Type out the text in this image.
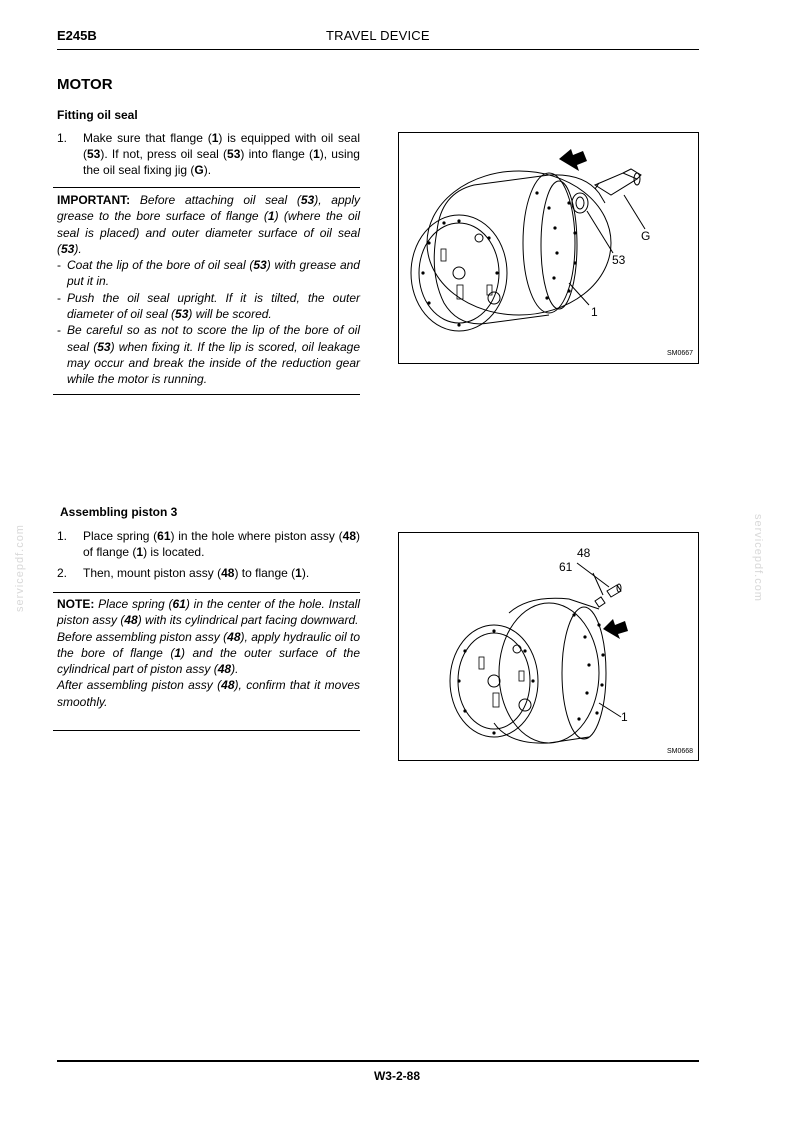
E245B	TRAVEL DEVICE
MOTOR
Fitting oil seal
1. Make sure that flange (1) is equipped with oil seal (53). If not, press oil seal (53) into flange (1), using the oil seal fixing jig (G).

IMPORTANT: Before attaching oil seal (53), apply grease to the bore surface of flange (1) (where the oil seal is placed) and outer diameter surface of oil seal (53).

- Coat the lip of the bore of oil seal (53) with grease and put it in.

- Push the oil seal upright. If it is tilted, the outer diameter of oil seal (53) will be scored.

- Be careful so as not to score the lip of the bore of oil seal (53) when fixing it. If the lip is scored, oil leakage may occur and break the inside of the reduction gear while the motor is running.

G
53
1
SM0667
Assembling piston 3
1. Place spring (61) in the hole where piston assy (48) of flange (1) is located.
2. Then, mount piston assy (48) to flange (1).

NOTE: Place spring (61) in the center of the hole. Install piston assy (48) with its cylindrical part facing downward.

Before assembling piston assy (48), apply hydraulic oil to the bore of flange (1) and the outer surface of the cylindrical part of piston assy (48).

After assembling piston assy (48), confirm that it moves smoothly.

48
61
1
SM0668
servicepdf.com	servicepdf.com
W3-2-88
